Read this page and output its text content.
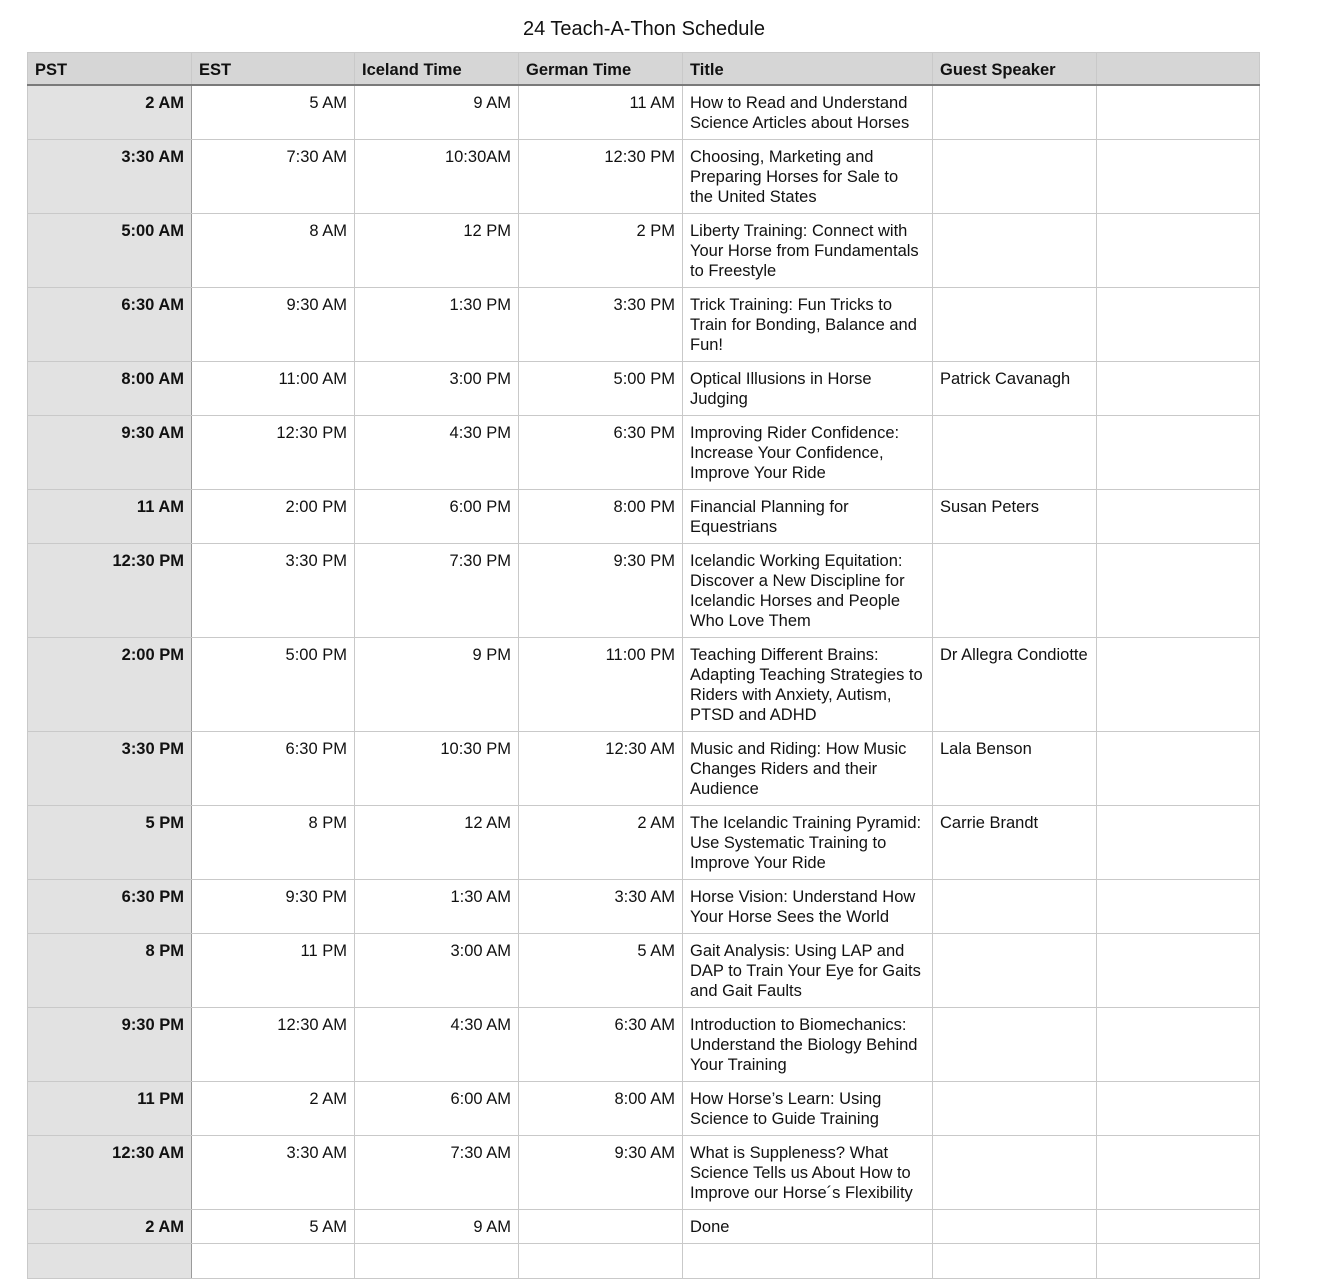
24 Teach-A-Thon Schedule
PST	EST	Iceland Time	German Time	Title	Guest Speaker	
2 AM	5 AM	9 AM	11 AM	How to Read and Understand Science Articles about Horses		
3:30 AM	7:30 AM	10:30AM	12:30 PM	Choosing, Marketing and Preparing Horses for Sale to the United States		
5:00 AM	8 AM	12 PM	2 PM	Liberty Training: Connect with Your Horse from Fundamentals to Freestyle		
6:30 AM	9:30 AM	1:30 PM	3:30 PM	Trick Training: Fun Tricks to Train for Bonding, Balance and Fun!		
8:00 AM	11:00 AM	3:00 PM	5:00 PM	Optical Illusions in Horse Judging	Patrick Cavanagh	
9:30 AM	12:30 PM	4:30 PM	6:30 PM	Improving Rider Confidence: Increase Your Confidence, Improve Your Ride		
11 AM	2:00 PM	6:00 PM	8:00 PM	Financial Planning for Equestrians	Susan Peters	
12:30 PM	3:30 PM	7:30 PM	9:30 PM	Icelandic Working Equitation: Discover a New Discipline for Icelandic Horses and People Who Love Them		
2:00 PM	5:00 PM	9 PM	11:00 PM	Teaching Different Brains: Adapting Teaching Strategies to Riders with Anxiety, Autism, PTSD and ADHD	Dr Allegra Condiotte	
3:30 PM	6:30 PM	10:30 PM	12:30 AM	Music and Riding: How Music Changes Riders and their Audience	Lala Benson	
5 PM	8 PM	12 AM	2 AM	The Icelandic Training Pyramid: Use Systematic Training to Improve Your Ride	Carrie Brandt	
6:30 PM	9:30 PM	1:30 AM	3:30 AM	Horse Vision: Understand How Your Horse Sees the World		
8 PM	11 PM	3:00 AM	5 AM	Gait Analysis: Using LAP and DAP to Train Your Eye for Gaits and Gait Faults		
9:30 PM	12:30 AM	4:30 AM	6:30 AM	Introduction to Biomechanics: Understand the Biology Behind Your Training		
11 PM	2 AM	6:00 AM	8:00 AM	How Horse’s Learn: Using Science to Guide Training		
12:30 AM	3:30 AM	7:30 AM	9:30 AM	What is Suppleness? What Science Tells us About How to Improve our Horse´s Flexibility		
2 AM	5 AM	9 AM		Done		
